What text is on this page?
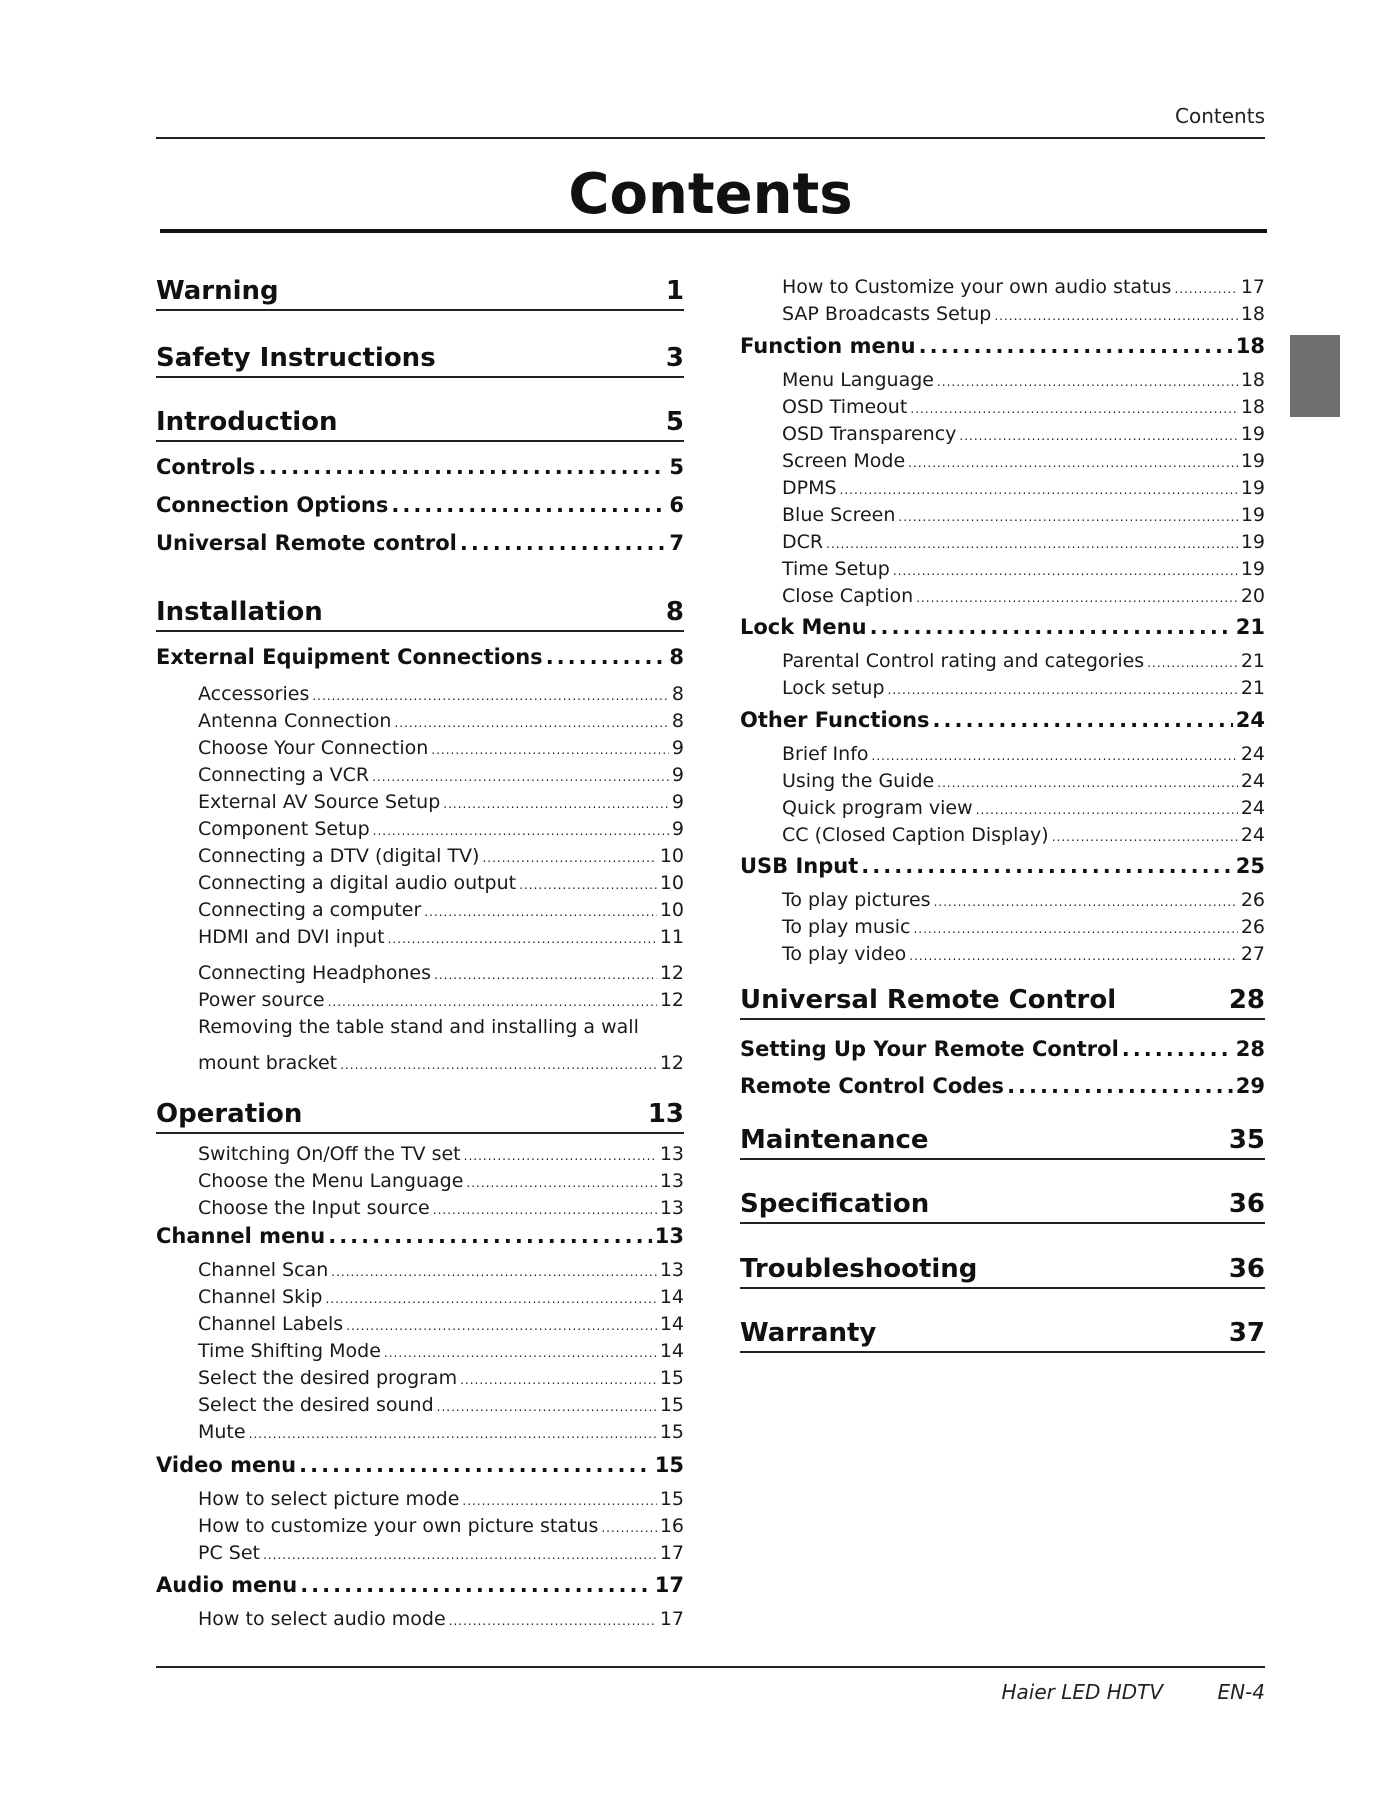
Contents
Contents
Warning	1
Safety Instructions	3
Introduction	5
Controls .....	5
Connection Options .....	6
Universal Remote control .....	7
Installation	8
External Equipment Connections .....	8
Accessories .....	8
Antenna Connection .....	8
Choose Your Connection .....	9
Connecting a VCR .....	9
External AV Source Setup .....	9
Component Setup .....	9
Connecting a DTV (digital TV) .....	10
Connecting a digital audio output .....	10
Connecting a computer .....	10
HDMI and DVI input .....	11
Connecting Headphones .....	12
Power source .....	12
Removing the table stand and installing a wall
mount bracket .....	12
Operation	13
Switching On/Off the TV set .....	13
Choose the Menu Language .....	13
Choose the Input source .....	13
Channel menu .....	13
Channel Scan .....	13
Channel Skip .....	14
Channel Labels .....	14
Time Shifting Mode .....	14
Select the desired program .....	15
Select the desired sound .....	15
Mute .....	15
Video menu .....	15
How to select picture mode .....	15
How to customize your own picture status .....	16
PC Set .....	17
Audio menu .....	17
How to select audio mode .....	17
How to Customize your own audio status .....	17
SAP Broadcasts Setup .....	18
Function menu .....	18
Menu Language .....	18
OSD Timeout .....	18
OSD Transparency .....	19
Screen Mode .....	19
DPMS .....	19
Blue Screen .....	19
DCR .....	19
Time Setup .....	19
Close Caption .....	20
Lock Menu .....	21
Parental Control rating and categories .....	21
Lock setup .....	21
Other Functions .....	24
Brief Info .....	24
Using the Guide .....	24
Quick program view .....	24
CC (Closed Caption Display) .....	24
USB Input .....	25
To play pictures .....	26
To play music .....	26
To play video .....	27
Universal Remote Control	28
Setting Up Your Remote Control .....	28
Remote Control Codes .....	29
Maintenance	35
Specification	36
Troubleshooting	36
Warranty	37
Haier LED HDTV	EN-4
